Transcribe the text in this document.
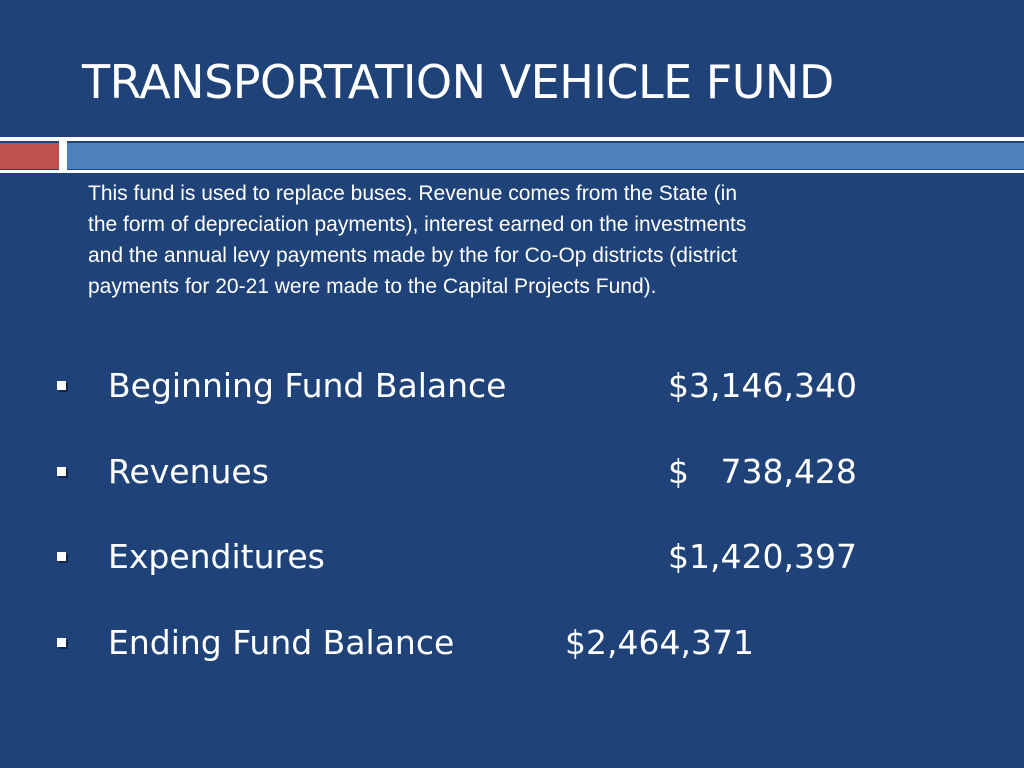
TRANSPORTATION VEHICLE FUND

This fund is used to replace buses. Revenue comes from the State (in
the form of depreciation payments), interest earned on the investments
and the annual levy payments made by the for Co-Op districts (district
payments for 20-21 were made to the Capital Projects Fund).

Beginning Fund Balance	$3,146,340
Revenues	$   738,428
Expenditures	$1,420,397
Ending Fund Balance	$2,464,371
